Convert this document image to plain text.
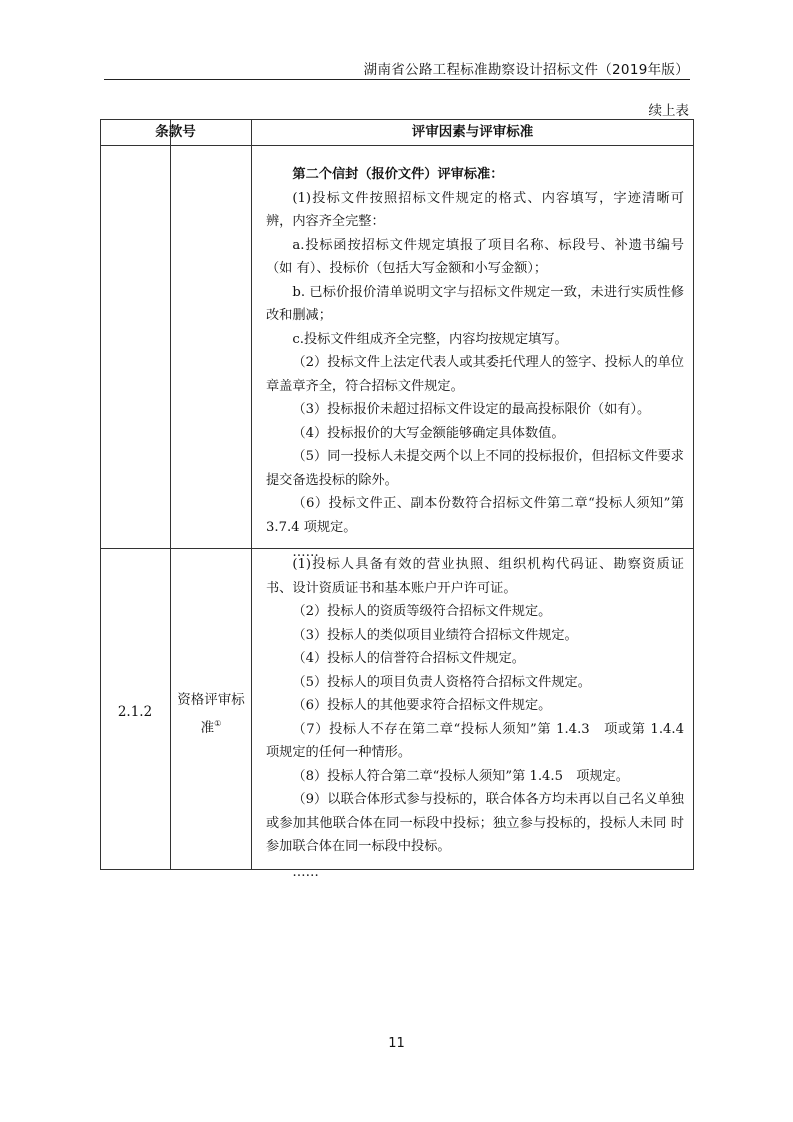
湖南省公路工程标准勘察设计招标文件（2019年版）
续上表
条款号	评审因素与评审标准

第二个信封（报价文件）评审标准：

(1)投标文件按照招标文件规定的格式、内容填写，字迹清晰可 辨，内容齐全完整：

a.投标函按招标文件规定填报了项目名称、标段号、补遗书编号（如 有）、投标价（包括大写金额和小写金额）；

b. 已标价报价清单说明文字与招标文件规定一致，未进行实质性修改和删减；

c.投标文件组成齐全完整，内容均按规定填写。

（2）投标文件上法定代表人或其委托代理人的签字、投标人的单位章盖章齐全，符合招标文件规定。

（3）投标报价未超过招标文件设定的最高投标限价（如有）。

（4）投标报价的大写金额能够确定具体数值。

（5）同一投标人未提交两个以上不同的投标报价，但招标文件要求提交备选投标的除外。

（6）投标文件正、副本份数符合招标文件第二章“投标人须知”第 3.7.4 项规定。

……

2.1.2
资格评审标准①

(1)投标人具备有效的营业执照、组织机构代码证、勘察资质证 书、设计资质证书和基本账户开户许可证。

（2）投标人的资质等级符合招标文件规定。

（3）投标人的类似项目业绩符合招标文件规定。

（4）投标人的信誉符合招标文件规定。

（5）投标人的项目负责人资格符合招标文件规定。

（6）投标人的其他要求符合招标文件规定。

（7）投标人不存在第二章“投标人须知”第 1.4.3　项或第 1.4.4　项规定的任何一种情形。

（8）投标人符合第二章“投标人须知”第 1.4.5　项规定。

（9）以联合体形式参与投标的，联合体各方均未再以自己名义单独或参加其他联合体在同一标段中投标；独立参与投标的，投标人未同 时参加联合体在同一标段中投标。

……

11
